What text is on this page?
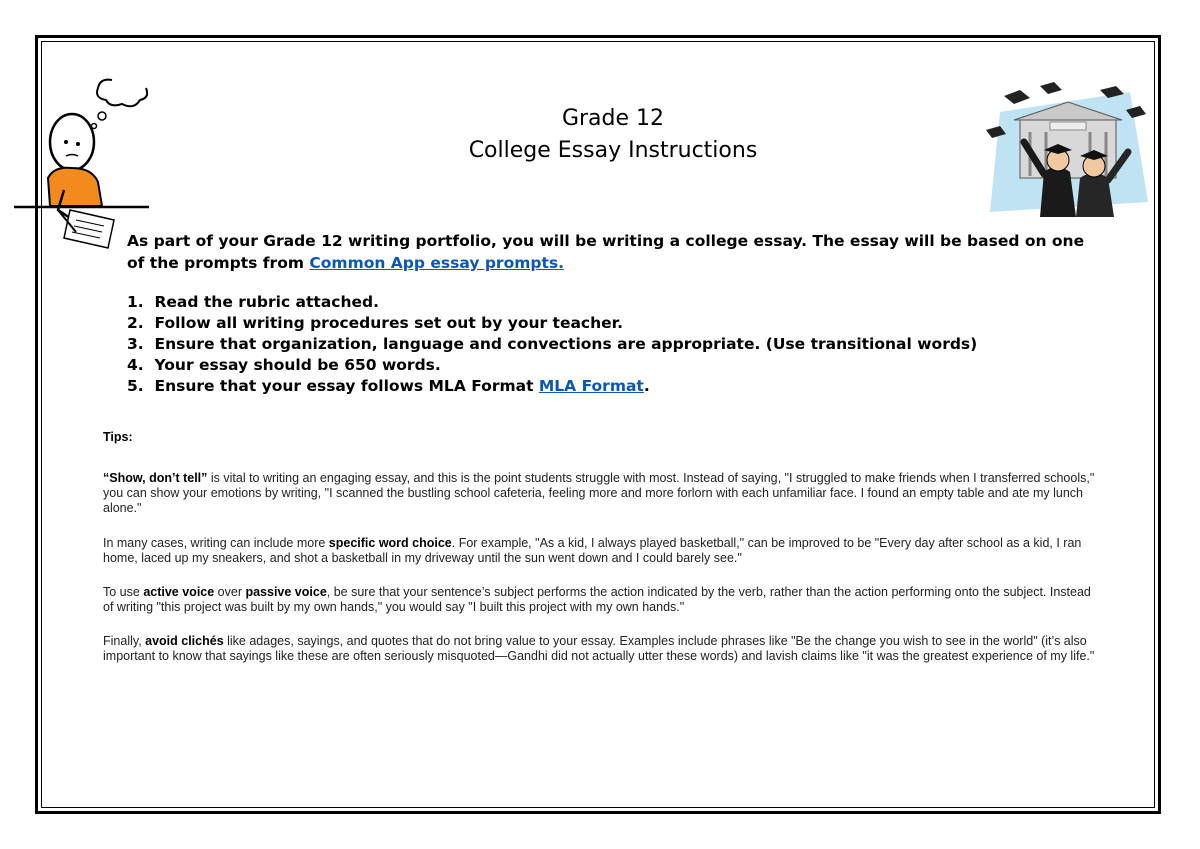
Grade 12
College Essay Instructions
As part of your Grade 12 writing portfolio, you will be writing a college essay. The essay will be based on one of the prompts from Common App essay prompts.
1. Read the rubric attached.
2. Follow all writing procedures set out by your teacher.
3. Ensure that organization, language and convections are appropriate. (Use transitional words)
4. Your essay should be 650 words.
5. Ensure that your essay follows MLA Format MLA Format.
Tips:
“Show, don’t tell” is vital to writing an engaging essay, and this is the point students struggle with most. Instead of saying, "I struggled to make friends when I transferred schools," you can show your emotions by writing, "I scanned the bustling school cafeteria, feeling more and more forlorn with each unfamiliar face. I found an empty table and ate my lunch alone."
In many cases, writing can include more specific word choice. For example, "As a kid, I always played basketball," can be improved to be "Every day after school as a kid, I ran home, laced up my sneakers, and shot a basketball in my driveway until the sun went down and I could barely see."
To use active voice over passive voice, be sure that your sentence’s subject performs the action indicated by the verb, rather than the action performing onto the subject. Instead of writing "this project was built by my own hands," you would say "I built this project with my own hands."
Finally, avoid clichés like adages, sayings, and quotes that do not bring value to your essay. Examples include phrases like "Be the change you wish to see in the world" (it’s also important to know that sayings like these are often seriously misquoted—Gandhi did not actually utter these words) and lavish claims like "it was the greatest experience of my life."
